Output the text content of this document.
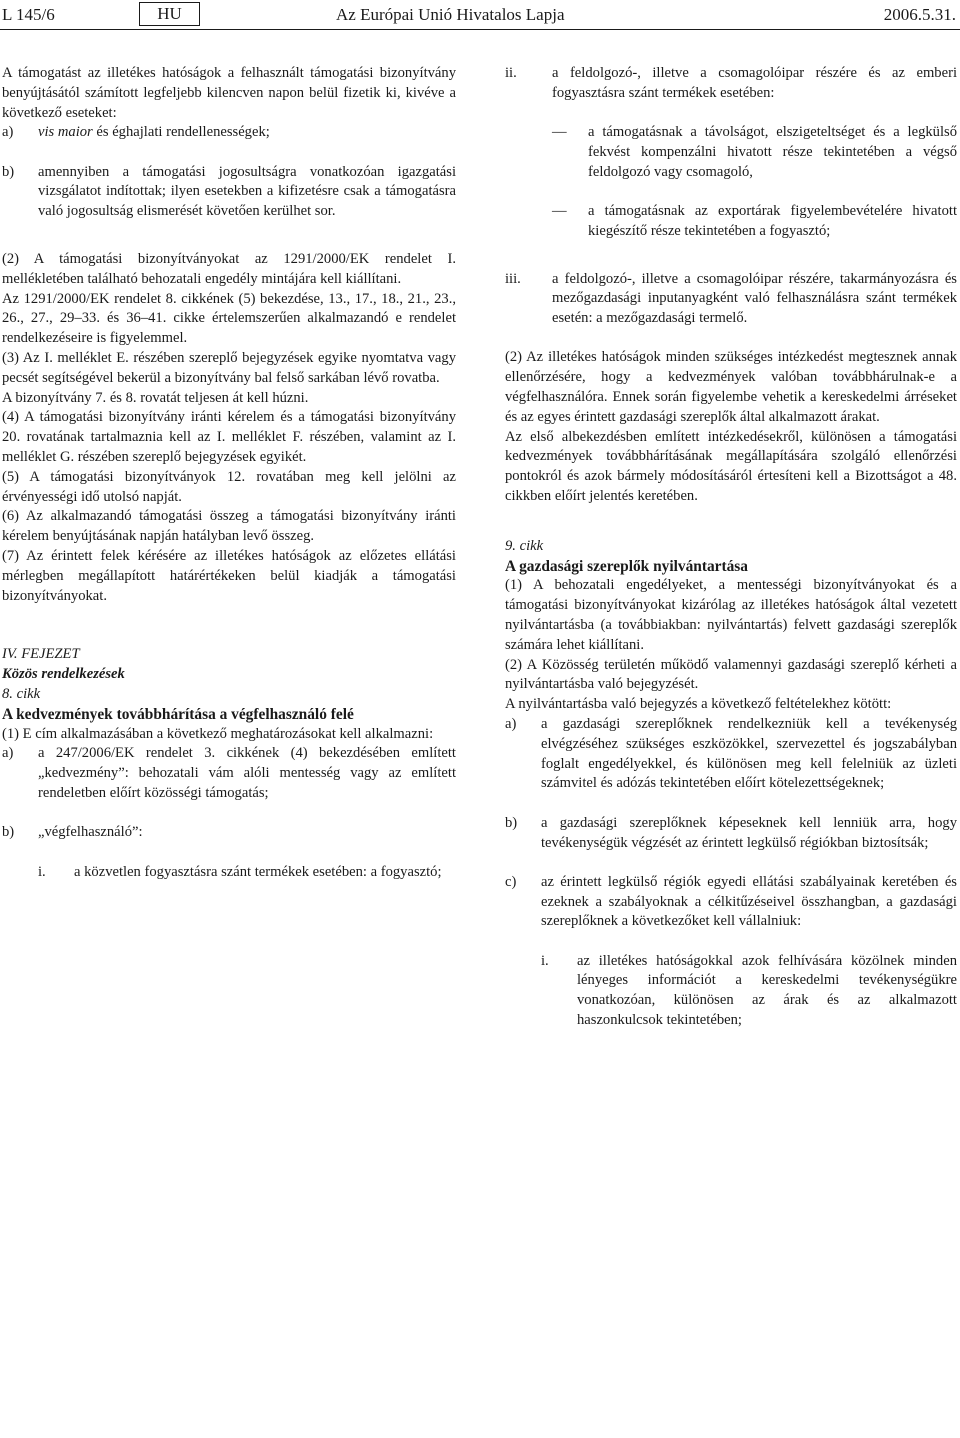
L 145/6	HU	Az Európai Unió Hivatalos Lapja	2006.5.31.

A támogatást az illetékes hatóságok a felhasznált támogatási bizonyítvány benyújtásától számított legfeljebb kilencven napon belül fizetik ki, kivéve a következő eseteket:

a)	vis maior és éghajlati rendellenességek;
b)	amennyiben a támogatási jogosultságra vonatkozóan igazgatási vizsgálatot indítottak; ilyen esetekben a kifizetésre csak a támogatásra való jogosultság elismerését követően kerülhet sor.

(2) A támogatási bizonyítványokat az 1291/2000/EK rendelet I. mellékletében található behozatali engedély mintájára kell kiállítani.

Az 1291/2000/EK rendelet 8. cikkének (5) bekezdése, 13., 17., 18., 21., 23., 26., 27., 29–33. és 36–41. cikke értelemszerűen alkalmazandó e rendelet rendelkezéseire is figyelemmel.

(3) Az I. melléklet E. részében szereplő bejegyzések egyike nyomtatva vagy pecsét segítségével bekerül a bizonyítvány bal felső sarkában lévő rovatba.

A bizonyítvány 7. és 8. rovatát teljesen át kell húzni.

(4) A támogatási bizonyítvány iránti kérelem és a támogatási bizonyítvány 20. rovatának tartalmaznia kell az I. melléklet F. részében, valamint az I. melléklet G. részében szereplő bejegyzések egyikét.

(5) A támogatási bizonyítványok 12. rovatában meg kell jelölni az érvényességi idő utolsó napját.

(6) Az alkalmazandó támogatási összeg a támogatási bizonyítvány iránti kérelem benyújtásának napján hatályban levő összeg.

(7) Az érintett felek kérésére az illetékes hatóságok az előzetes ellátási mérlegben megállapított határértékeken belül kiadják a támogatási bizonyítványokat.

IV. FEJEZET

Közös rendelkezések

8. cikk

A kedvezmények továbbhárítása a végfelhasználó felé

(1) E cím alkalmazásában a következő meghatározásokat kell alkalmazni:

a)	a 247/2006/EK rendelet 3. cikkének (4) bekezdésében említett „kedvezmény”: behozatali vám alóli mentesség vagy az említett rendeletben előírt közösségi támogatás;
b)	„végfelhasználó”:
i.	a közvetlen fogyasztásra szánt termékek esetében: a fogyasztó;
ii.	a feldolgozó-, illetve a csomagolóipar részére és az emberi fogyasztásra szánt termékek esetében:
—	a támogatásnak a távolságot, elszigeteltséget és a legkülső fekvést kompenzálni hivatott része tekintetében a végső feldolgozó vagy csomagoló,
—	a támogatásnak az exportárak figyelembevételére hivatott kiegészítő része tekintetében a fogyasztó;
iii.	a feldolgozó-, illetve a csomagolóipar részére, takarmányozásra és mezőgazdasági inputanyagként való felhasználásra szánt termékek esetén: a mezőgazdasági termelő.

(2) Az illetékes hatóságok minden szükséges intézkedést megtesznek annak ellenőrzésére, hogy a kedvezmények valóban továbbhárulnak-e a végfelhasználóra. Ennek során figyelembe vehetik a kereskedelmi árréseket és az egyes érintett gazdasági szereplők által alkalmazott árakat.

Az első albekezdésben említett intézkedésekről, különösen a támogatási kedvezmények továbbhárításának megállapítására szolgáló ellenőrzési pontokról és azok bármely módosításáról értesíteni kell a Bizottságot a 48. cikkben előírt jelentés keretében.

9. cikk

A gazdasági szereplők nyilvántartása

(1) A behozatali engedélyeket, a mentességi bizonyítványokat és a támogatási bizonyítványokat kizárólag az illetékes hatóságok által vezetett nyilvántartásba (a továbbiakban: nyilvántartás) felvett gazdasági szereplők számára lehet kiállítani.

(2) A Közösség területén működő valamennyi gazdasági szereplő kérheti a nyilvántartásba való bejegyzését.

A nyilvántartásba való bejegyzés a következő feltételekhez kötött:

a)	a gazdasági szereplőknek rendelkezniük kell a tevékenység elvégzéséhez szükséges eszközökkel, szervezettel és jogszabályban foglalt engedélyekkel, és különösen meg kell felelniük az üzleti számvitel és adózás tekintetében előírt kötelezettségeknek;
b)	a gazdasági szereplőknek képeseknek kell lenniük arra, hogy tevékenységük végzését az érintett legkülső régiókban biztosítsák;
c)	az érintett legkülső régiók egyedi ellátási szabályainak keretében és ezeknek a szabályoknak a célkitűzéseivel összhangban, a gazdasági szereplőknek a következőket kell vállalniuk:
i.	az illetékes hatóságokkal azok felhívására közölnek minden lényeges információt a kereskedelmi tevékenységükre vonatkozóan, különösen az árak és az alkalmazott haszonkulcsok tekintetében;
